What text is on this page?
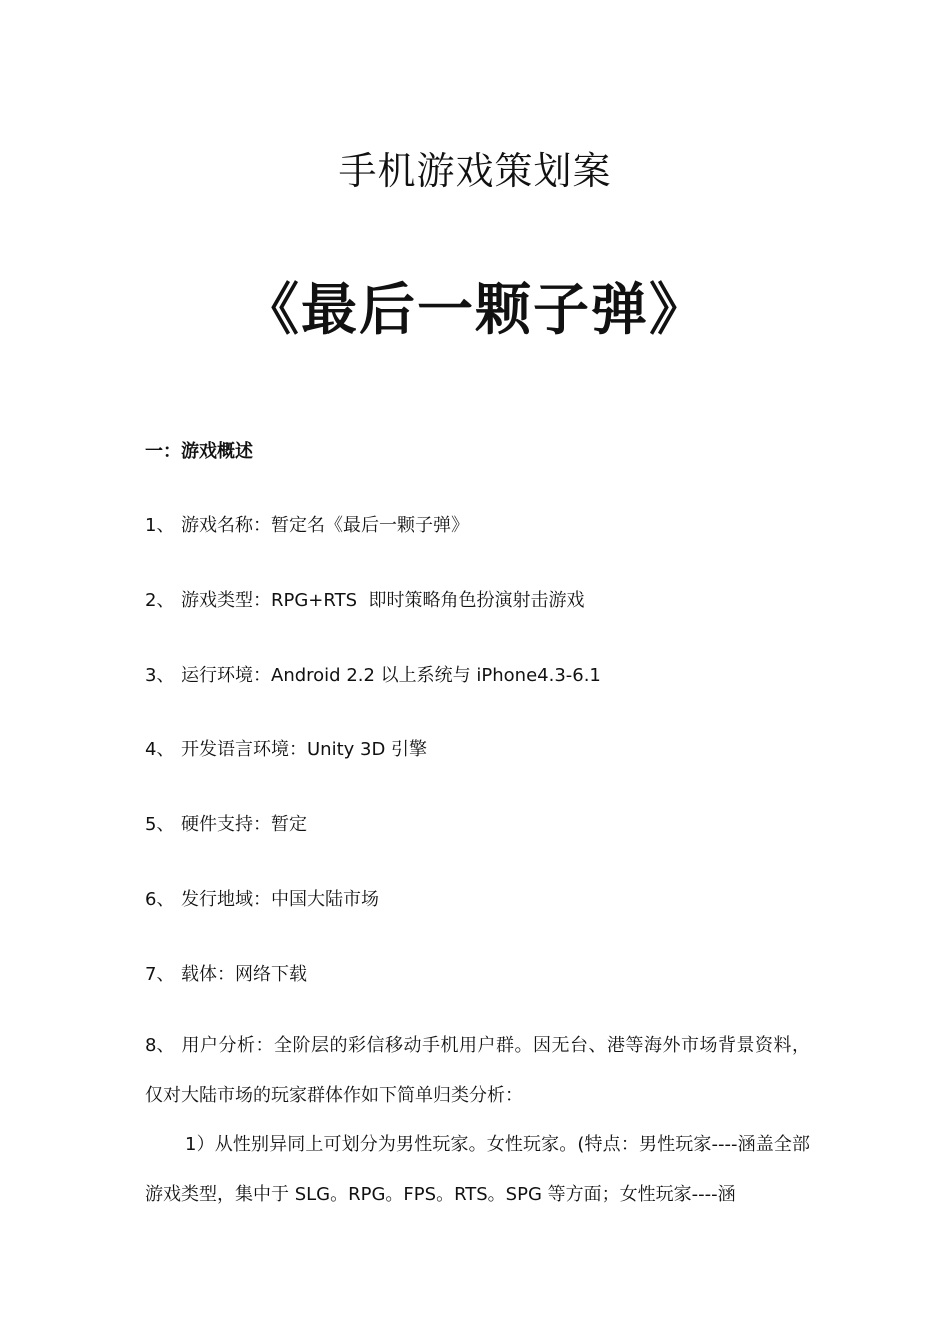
手机游戏策划案
《最后一颗子弹》
一：游戏概述
1、 游戏名称：暂定名《最后一颗子弹》
2、 游戏类型：RPG+RTS  即时策略角色扮演射击游戏
3、 运行环境：Android 2.2 以上系统与 iPhone4.3-6.1
4、 开发语言环境：Unity 3D 引擎
5、 硬件支持：暂定
6、 发行地域：中国大陆市场
7、 载体：网络下载
8、 用户分析：全阶层的彩信移动手机用户群。因无台、港等海外市场背景资料，仅对大陆市场的玩家群体作如下简单归类分析：
1）从性别异同上可划分为男性玩家。女性玩家。(特点：男性玩家----涵盖全部游戏类型，集中于 SLG。RPG。FPS。RTS。SPG 等方面；女性玩家----涵
